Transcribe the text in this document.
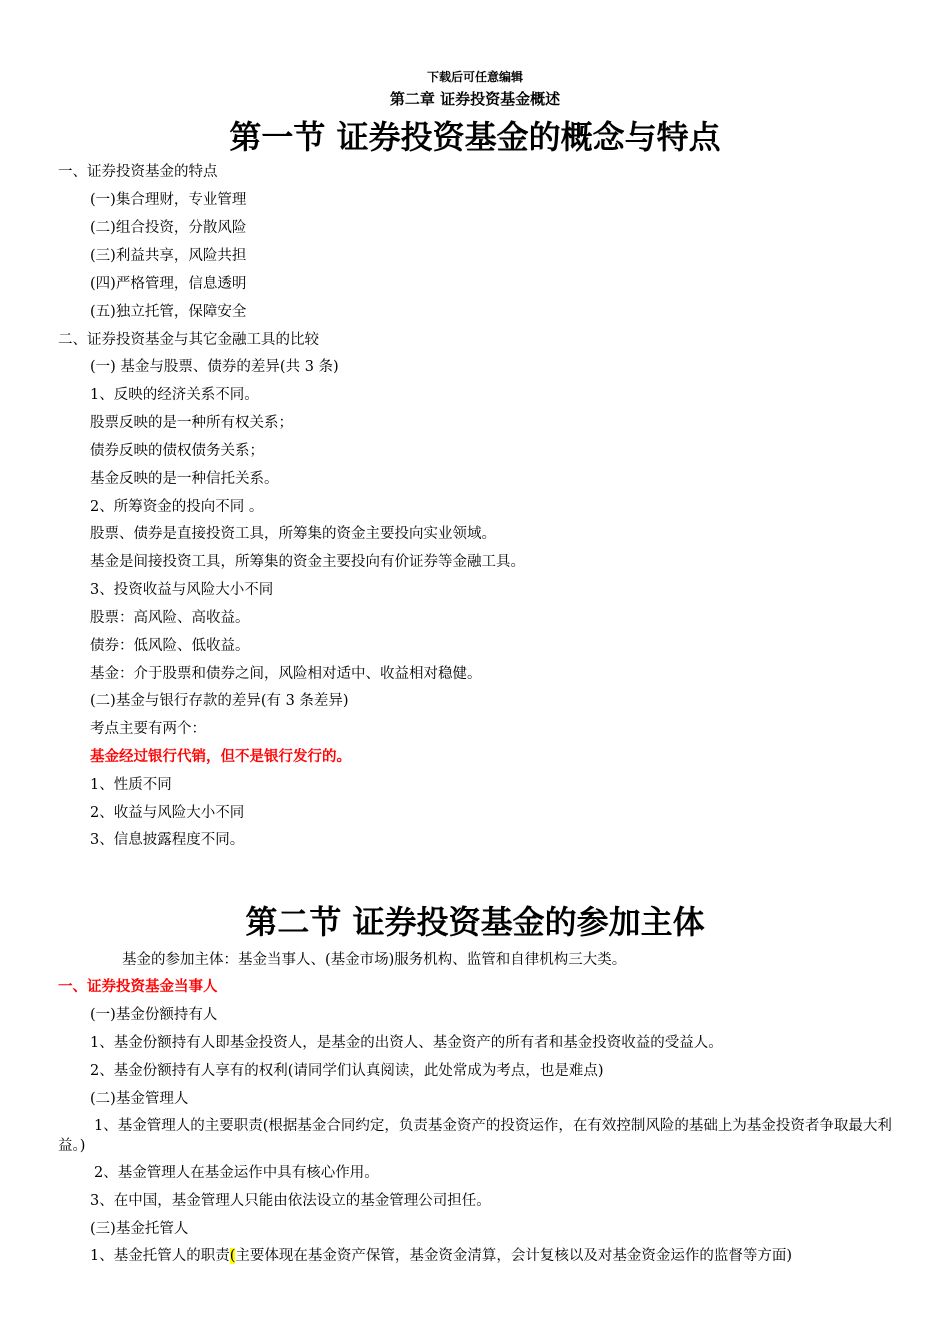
下载后可任意编辑
第二章 证券投资基金概述
第一节 证券投资基金的概念与特点
一、证券投资基金的特点
(一)集合理财，专业管理
(二)组合投资，分散风险
(三)利益共享，风险共担
(四)严格管理，信息透明
(五)独立托管，保障安全
二、证券投资基金与其它金融工具的比较
(一) 基金与股票、债券的差异(共 3 条)
1、反映的经济关系不同。
股票反映的是一种所有权关系；
债券反映的债权债务关系；
基金反映的是一种信托关系。
2、所筹资金的投向不同 。
股票、债券是直接投资工具，所筹集的资金主要投向实业领域。
基金是间接投资工具，所筹集的资金主要投向有价证券等金融工具。
3、投资收益与风险大小不同
股票：高风险、高收益。
债券：低风险、低收益。
基金：介于股票和债券之间，风险相对适中、收益相对稳健。
(二)基金与银行存款的差异(有 3 条差异)
考点主要有两个：
基金经过银行代销，但不是银行发行的。
1、性质不同
2、收益与风险大小不同
3、信息披露程度不同。
第二节 证券投资基金的参加主体
基金的参加主体：基金当事人、(基金市场)服务机构、监管和自律机构三大类。
一、证券投资基金当事人
(一)基金份额持有人
1、基金份额持有人即基金投资人，是基金的出资人、基金资产的所有者和基金投资收益的受益人。
2、基金份额持有人享有的权利(请同学们认真阅读，此处常成为考点，也是难点)
(二)基金管理人
1、基金管理人的主要职责(根据基金合同约定，负责基金资产的投资运作，在有效控制风险的基础上为基金投资者争取最大利益。)
2、基金管理人在基金运作中具有核心作用。
3、在中国，基金管理人只能由依法设立的基金管理公司担任。
(三)基金托管人
1、基金托管人的职责(主要体现在基金资产保管，基金资金清算，会计复核以及对基金资金运作的监督等方面)
